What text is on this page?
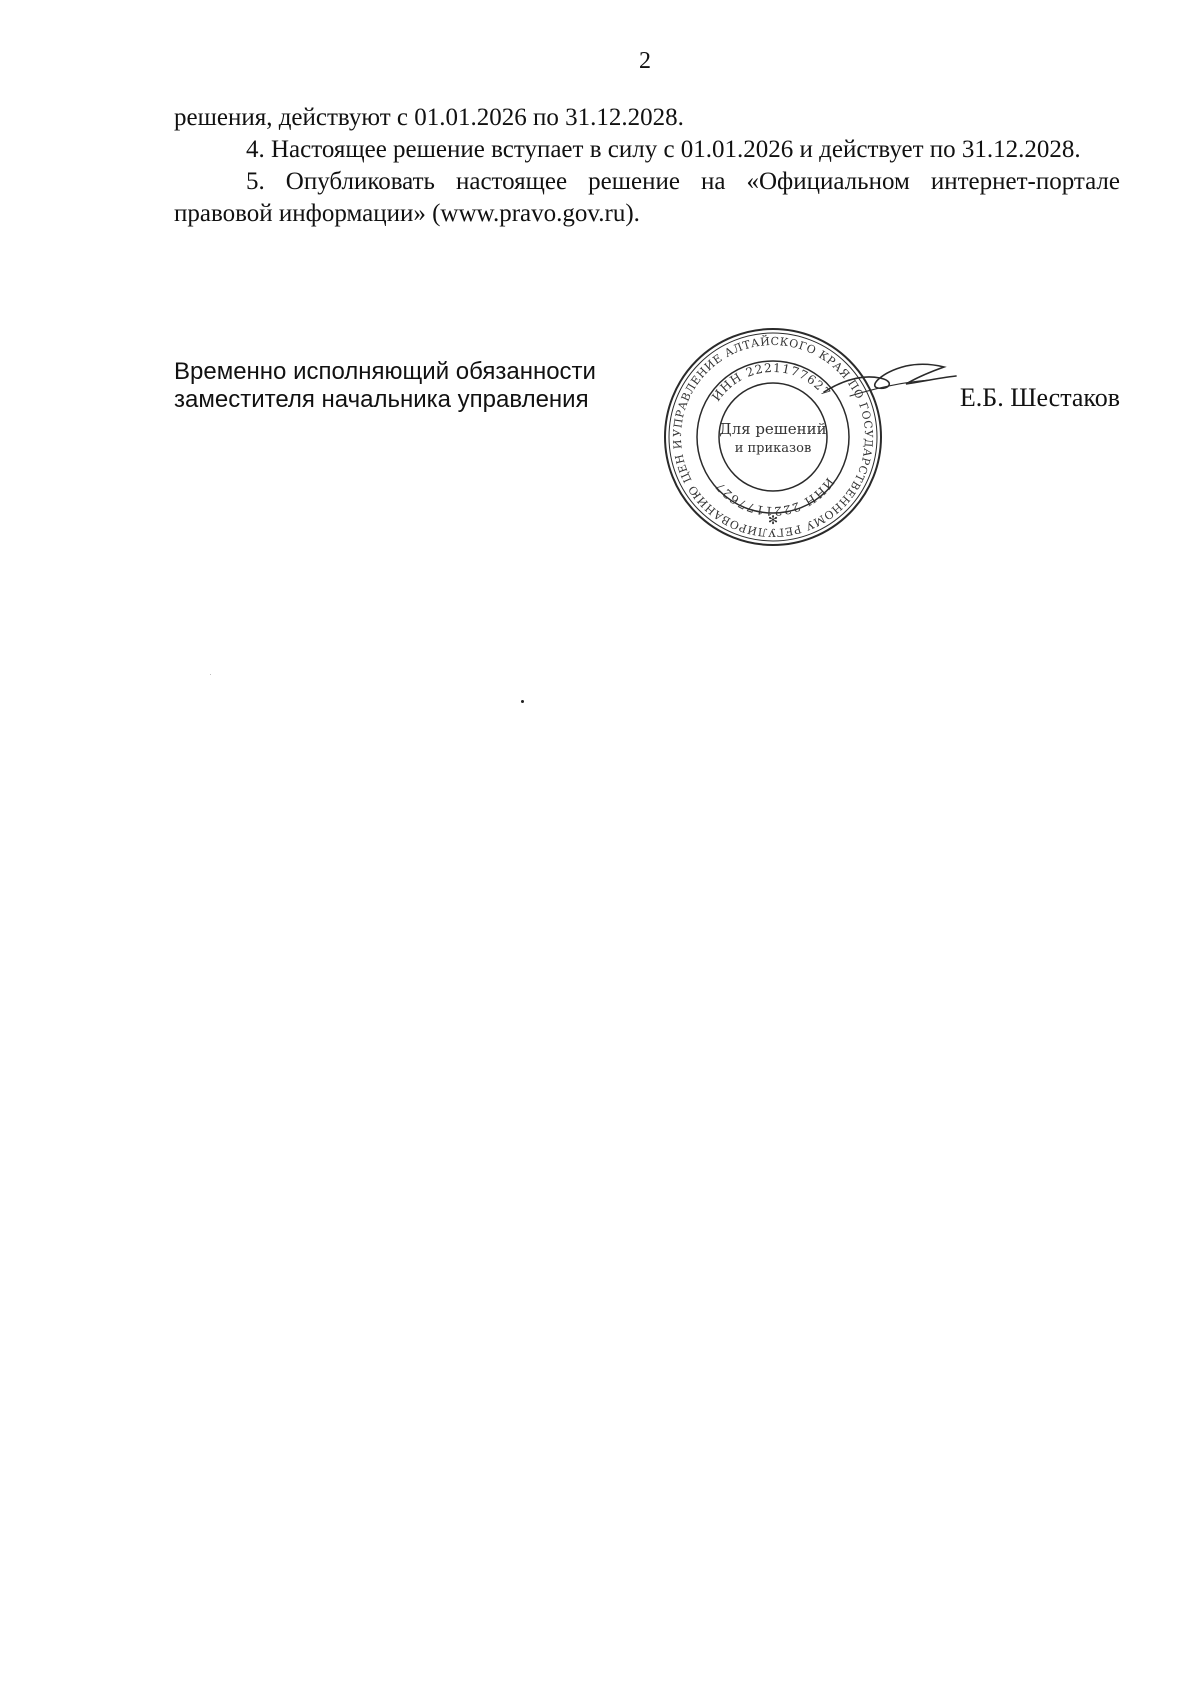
2

решения, действуют с 01.01.2026 по 31.12.2028.

4. Настоящее решение вступает в силу с 01.01.2026 и действует по 31.12.2028.

5. Опубликовать настоящее решение на «Официальном интернет-портале правовой информации» (www.pravo.gov.ru).

Временно исполняющий обязанности
заместителя начальника управления
УПРАВЛЕНИЕ АЛТАЙСКОГО КРАЯ ПО ГОСУДАРСТВЕННОМУ РЕГУЛИРОВАНИЮ ЦЕН И
ИНН 2221177627
ИНН 2221177627
Для решений
и приказов
✻
Е.Б. Шестаков
